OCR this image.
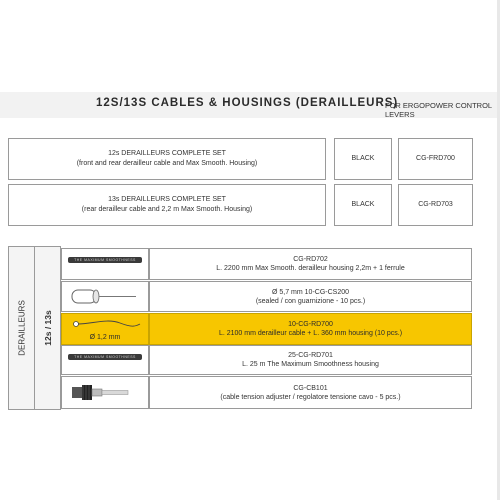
12S/13S CABLES & HOUSINGS (DERAILLEURS)
FOR ERGOPOWER CONTROL LEVERS
12s DERAILLEURS COMPLETE SET
(front and rear derailleur cable and Max Smooth. Housing)
BLACK	CG-FRD700
13s DERAILLEURS COMPLETE SET
(rear derailleur cable and 2,2 m Max Smooth. Housing)
BLACK	CG-RD703
DERAILLEURS 12s / 13s
THE MAXIMUM SMOOTHNESS	CG-RD702
L. 2200 mm Max Smooth. derailleur housing 2,2m + 1 ferrule
Ø 5,7 mm 10-CG-CS200
(sealed / con guarnizione - 10 pcs.)
Ø 1,2 mm
10-CG-RD700
L. 2100 mm derailleur cable + L. 360 mm housing (10 pcs.)
THE MAXIMUM SMOOTHNESS	25-CG-RD701
L. 25 m The Maximum Smoothness housing
CG-CB101
(cable tension adjuster / regolatore tensione cavo - 5 pcs.)
